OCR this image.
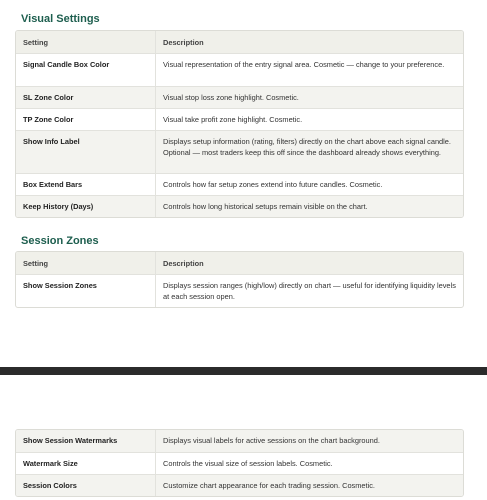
Visual Settings
Setting	Description
Signal Candle Box Color	Visual representation of the entry signal area. Cosmetic — change to your preference.
SL Zone Color	Visual stop loss zone highlight. Cosmetic.
TP Zone Color	Visual take profit zone highlight. Cosmetic.
Show Info Label	Displays setup information (rating, filters) directly on the chart above each signal candle. Optional — most traders keep this off since the dashboard already shows everything.
Box Extend Bars	Controls how far setup zones extend into future candles. Cosmetic.
Keep History (Days)	Controls how long historical setups remain visible on the chart.
Session Zones
Setting	Description
Show Session Zones	Displays session ranges (high/low) directly on chart — useful for identifying liquidity levels at each session open.
Show Session Watermarks	Displays visual labels for active sessions on the chart background.
Watermark Size	Controls the visual size of session labels. Cosmetic.
Session Colors	Customize chart appearance for each trading session. Cosmetic.
